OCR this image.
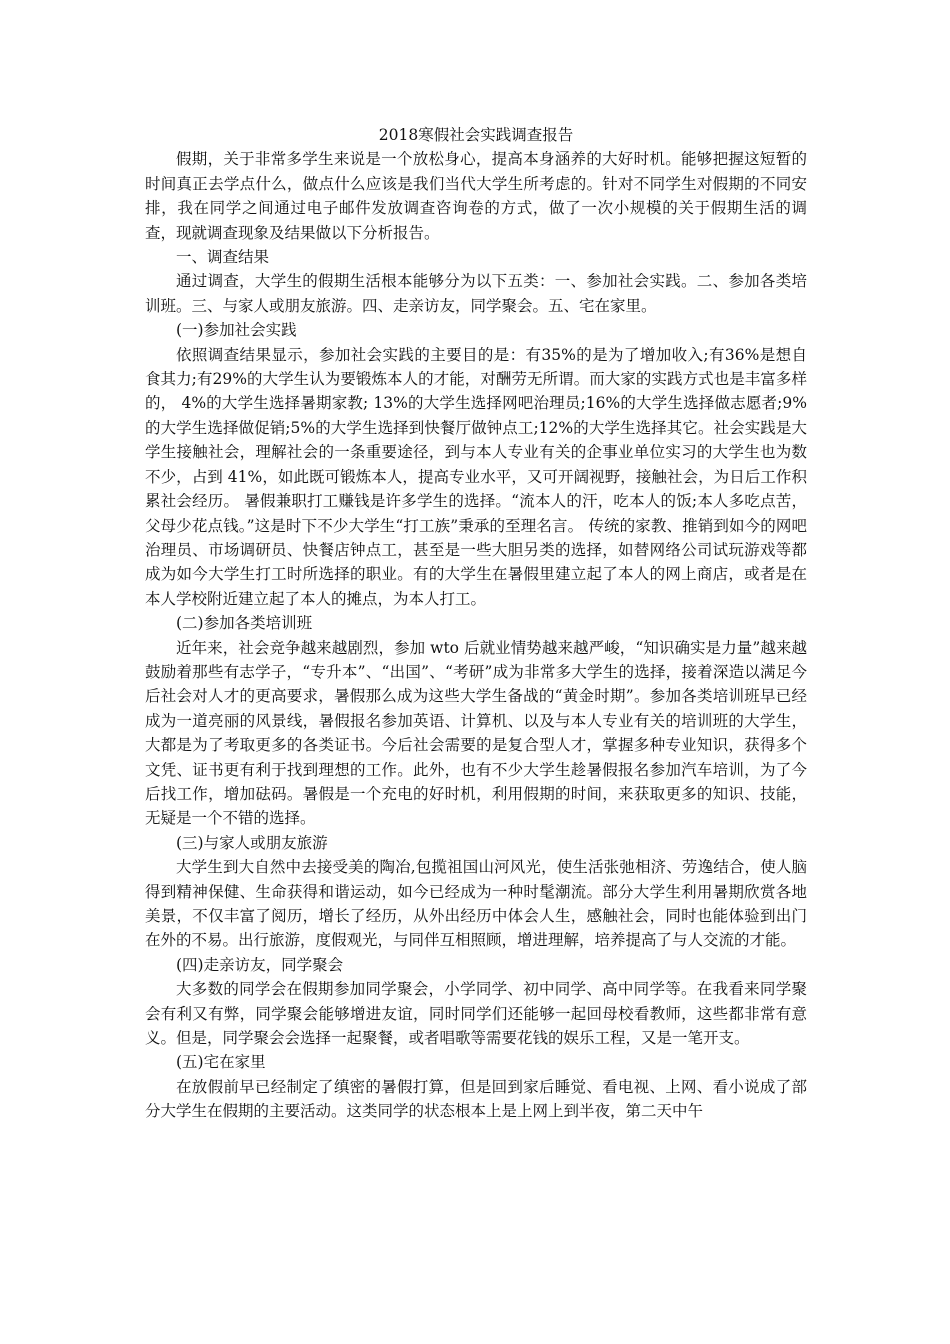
2018寒假社会实践调查报告

假期，关于非常多学生来说是一个放松身心，提高本身涵养的大好时机。能够把握这短暂的时间真正去学点什么，做点什么应该是我们当代大学生所考虑的。针对不同学生对假期的不同安排，我在同学之间通过电子邮件发放调查咨询卷的方式，做了一次小规模的关于假期生活的调查，现就调查现象及结果做以下分析报告。

一、调查结果

通过调查，大学生的假期生活根本能够分为以下五类：一、参加社会实践。二、参加各类培训班。三、与家人或朋友旅游。四、走亲访友，同学聚会。五、宅在家里。

(一)参加社会实践

依照调查结果显示，参加社会实践的主要目的是：有35%的是为了增加收入;有36%是想自食其力;有29%的大学生认为要锻炼本人的才能，对酬劳无所谓。而大家的实践方式也是丰富多样的， 4%的大学生选择暑期家教; 13%的大学生选择网吧治理员;16%的大学生选择做志愿者;9%的大学生选择做促销;5%的大学生选择到快餐厅做钟点工;12%的大学生选择其它。社会实践是大学生接触社会，理解社会的一条重要途径，到与本人专业有关的企事业单位实习的大学生也为数不少，占到 41%，如此既可锻炼本人，提高专业水平，又可开阔视野，接触社会，为日后工作积累社会经历。 暑假兼职打工赚钱是许多学生的选择。“流本人的汗，吃本人的饭;本人多吃点苦，父母少花点钱。”这是时下不少大学生“打工族”秉承的至理名言。 传统的家教、推销到如今的网吧治理员、市场调研员、快餐店钟点工，甚至是一些大胆另类的选择，如替网络公司试玩游戏等都成为如今大学生打工时所选择的职业。有的大学生在暑假里建立起了本人的网上商店，或者是在本人学校附近建立起了本人的摊点，为本人打工。

(二)参加各类培训班

近年来，社会竞争越来越剧烈，参加 wto 后就业情势越来越严峻，“知识确实是力量”越来越鼓励着那些有志学子，“专升本”、“出国”、“考研”成为非常多大学生的选择，接着深造以满足今后社会对人才的更高要求，暑假那么成为这些大学生备战的“黄金时期”。参加各类培训班早已经成为一道亮丽的风景线，暑假报名参加英语、计算机、以及与本人专业有关的培训班的大学生，大都是为了考取更多的各类证书。今后社会需要的是复合型人才，掌握多种专业知识，获得多个文凭、证书更有利于找到理想的工作。此外，也有不少大学生趁暑假报名参加汽车培训，为了今后找工作，增加砝码。暑假是一个充电的好时机，利用假期的时间，来获取更多的知识、技能，无疑是一个不错的选择。

(三)与家人或朋友旅游

大学生到大自然中去接受美的陶冶,包揽祖国山河风光，使生活张弛相济、劳逸结合，使人脑得到精神保健、生命获得和谐运动，如今已经成为一种时髦潮流。部分大学生利用暑期欣赏各地美景，不仅丰富了阅历，增长了经历，从外出经历中体会人生，感触社会，同时也能体验到出门在外的不易。出行旅游，度假观光，与同伴互相照顾，增进理解，培养提高了与人交流的才能。

(四)走亲访友，同学聚会

大多数的同学会在假期参加同学聚会，小学同学、初中同学、高中同学等。在我看来同学聚会有利又有弊，同学聚会能够增进友谊，同时同学们还能够一起回母校看教师，这些都非常有意义。但是，同学聚会会选择一起聚餐，或者唱歌等需要花钱的娱乐工程，又是一笔开支。

(五)宅在家里

在放假前早已经制定了缜密的暑假打算，但是回到家后睡觉、看电视、上网、看小说成了部分大学生在假期的主要活动。这类同学的状态根本上是上网上到半夜，第二天中午
